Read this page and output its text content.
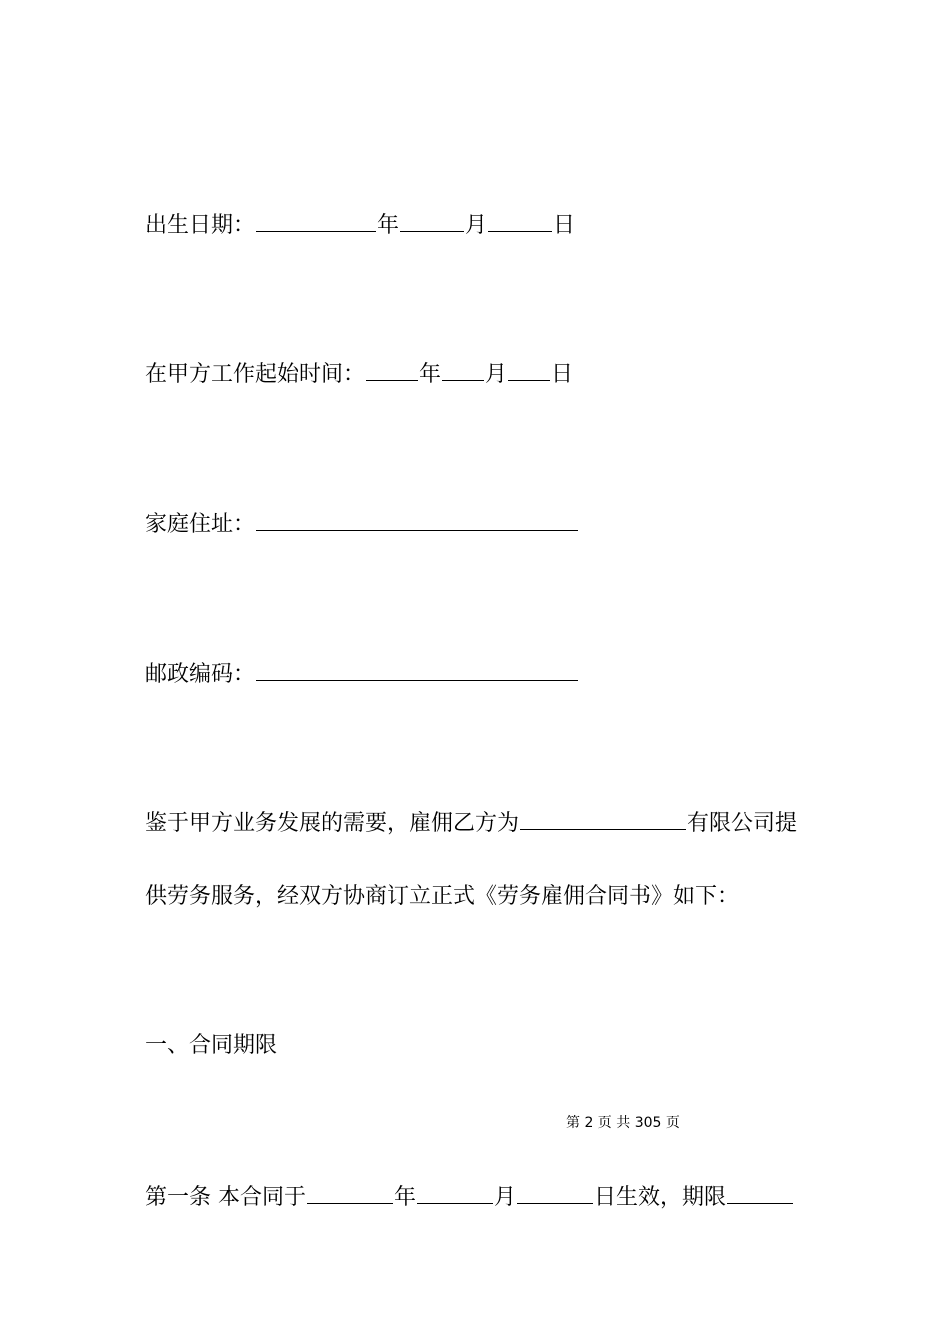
出生日期：	年	月	日
在甲方工作起始时间： 年 月 日
家庭住址：
邮政编码：
鉴于甲方业务发展的需要，雇佣乙方为	有限公司提
供劳务服务，经双方协商订立正式《劳务雇佣合同书》如下：
一、合同期限
第 2 页 共 305 页
第一条 本合同于	年	月	日生效，期限
